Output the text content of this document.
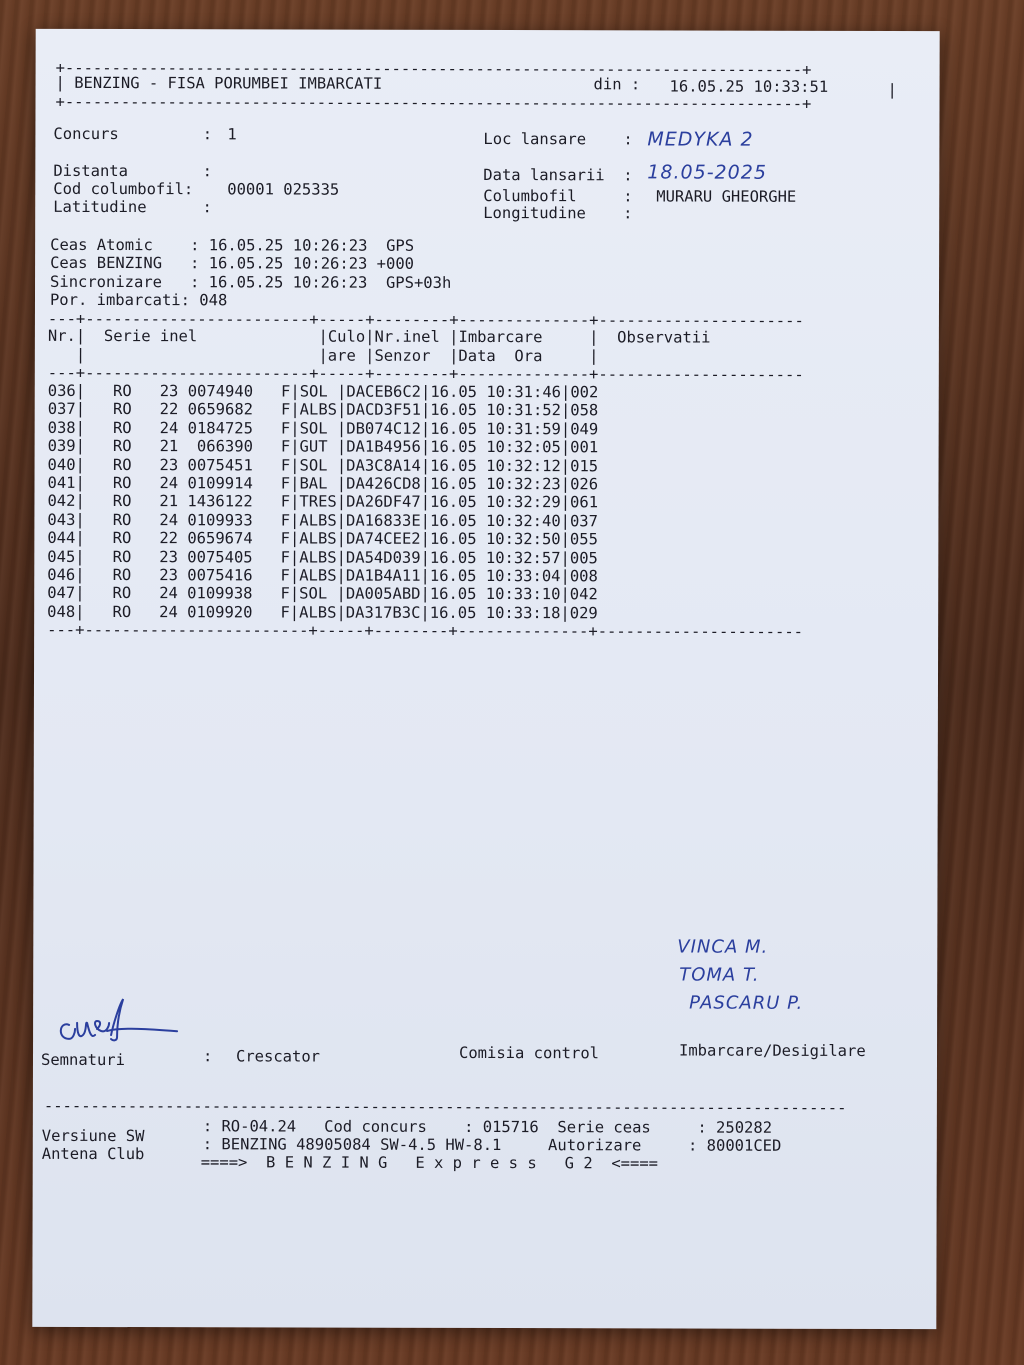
+-------------------------------------------------------------------------------+
| BENZING - FISA PORUMBEI IMBARCATI	din : 16.05.25 10:33:51	|
+-------------------------------------------------------------------------------+
Concurs         : 1	Loc lansare    : MEDYKA 2
Distanta        :	Data lansarii  : 18.05-2025
Cod columbofil: 00001 025335	Columbofil     : MURARU GHEORGHE
Latitudine      :	Longitudine    :
Ceas Atomic    : 16.05.25 10:26:23  GPS
Ceas BENZING   : 16.05.25 10:26:23 +000
Sincronizare   : 16.05.25 10:26:23  GPS+03h
Por. imbarcati: 048
---+------------------------+-----+--------+--------------+----------------------
Nr.|  Serie inel             |Culo|Nr.inel |Imbarcare     |  Observatii
|                         |are |Senzor  |Data  Ora     |
---+------------------------+-----+--------+--------------+----------------------
036|   RO   23 0074940   F|SOL |DACEB6C2|16.05 10:31:46|002
037|   RO   22 0659682   F|ALBS|DACD3F51|16.05 10:31:52|058
038|   RO   24 0184725   F|SOL |DB074C12|16.05 10:31:59|049
039|   RO   21  066390   F|GUT |DA1B4956|16.05 10:32:05|001
040|   RO   23 0075451   F|SOL |DA3C8A14|16.05 10:32:12|015
041|   RO   24 0109914   F|BAL |DA426CD8|16.05 10:32:23|026
042|   RO   21 1436122   F|TRES|DA26DF47|16.05 10:32:29|061
043|   RO   24 0109933   F|ALBS|DA16833E|16.05 10:32:40|037
044|   RO   22 0659674   F|ALBS|DA74CEE2|16.05 10:32:50|055
045|   RO   23 0075405   F|ALBS|DA54D039|16.05 10:32:57|005
046|   RO   23 0075416   F|ALBS|DA1B4A11|16.05 10:33:04|008
047|   RO   24 0109938   F|SOL |DA005ABD|16.05 10:33:10|042
048|   RO   24 0109920   F|ALBS|DA317B3C|16.05 10:33:18|029
---+------------------------+-----+--------+--------------+----------------------
VINCA M.
TOMA T.
PASCARU P.
Semnaturi	: Crescator	Comisia control	Imbarcare/Desigilare
--------------------------------------------------------------------------------------
Versiune SW	: RO-04.24   Cod concurs    : 015716  Serie ceas     : 250282
Antena Club	: BENZING 48905084 SW-4.5 HW-8.1     Autorizare     : 80001CED
====>  B E N Z I N G   E x p r e s s   G 2  <====
